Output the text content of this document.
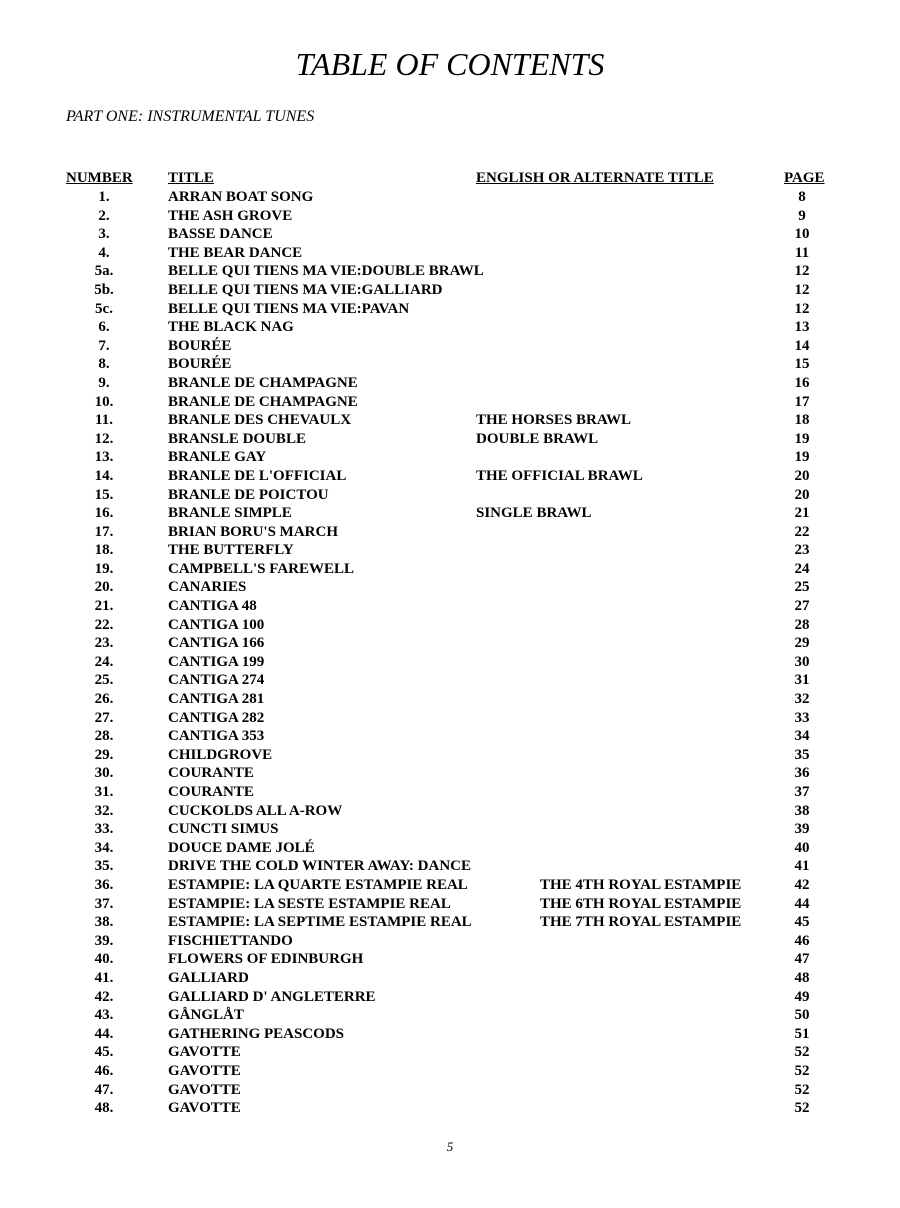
TABLE OF CONTENTS
PART ONE: INSTRUMENTAL TUNES
NUMBER TITLE	ENGLISH OR ALTERNATE TITLE	PAGE
1.	ARRAN BOAT SONG	8
2.	THE ASH GROVE	9
3.	BASSE DANCE	10
4.	THE BEAR DANCE	11
5a.	BELLE QUI TIENS MA VIE:DOUBLE BRAWL	12
5b.	BELLE QUI TIENS MA VIE:GALLIARD	12
5c.	BELLE QUI TIENS MA VIE:PAVAN	12
6.	THE BLACK NAG	13
7.	BOURÉE	14
8.	BOURÉE	15
9.	BRANLE DE CHAMPAGNE	16
10.	BRANLE DE CHAMPAGNE	17
11.	BRANLE DES CHEVAULX	THE HORSES BRAWL	18
12.	BRANSLE DOUBLE	DOUBLE BRAWL	19
13.	BRANLE GAY	19
14.	BRANLE DE L'OFFICIAL	THE OFFICIAL BRAWL	20
15.	BRANLE DE POICTOU	20
16.	BRANLE SIMPLE	SINGLE BRAWL	21
17.	BRIAN BORU'S MARCH	22
18.	THE BUTTERFLY	23
19.	CAMPBELL'S FAREWELL	24
20.	CANARIES	25
21.	CANTIGA 48	27
22.	CANTIGA 100	28
23.	CANTIGA 166	29
24.	CANTIGA 199	30
25.	CANTIGA 274	31
26.	CANTIGA 281	32
27.	CANTIGA 282	33
28.	CANTIGA 353	34
29.	CHILDGROVE	35
30.	COURANTE	36
31.	COURANTE	37
32.	CUCKOLDS ALL A-ROW	38
33.	CUNCTI SIMUS	39
34.	DOUCE DAME JOLÉ	40
35.	DRIVE THE COLD WINTER AWAY: DANCE	41
36.	ESTAMPIE: LA QUARTE ESTAMPIE REAL	THE 4TH ROYAL ESTAMPIE	42
37.	ESTAMPIE: LA SESTE ESTAMPIE REAL	THE 6TH ROYAL ESTAMPIE	44
38.	ESTAMPIE: LA SEPTIME ESTAMPIE REAL	THE 7TH ROYAL ESTAMPIE	45
39.	FISCHIETTANDO	46
40.	FLOWERS OF EDINBURGH	47
41.	GALLIARD	48
42.	GALLIARD D' ANGLETERRE	49
43.	GÅNGLÅT	50
44.	GATHERING PEASCODS	51
45.	GAVOTTE	52
46.	GAVOTTE	52
47.	GAVOTTE	52
48.	GAVOTTE	52
5
